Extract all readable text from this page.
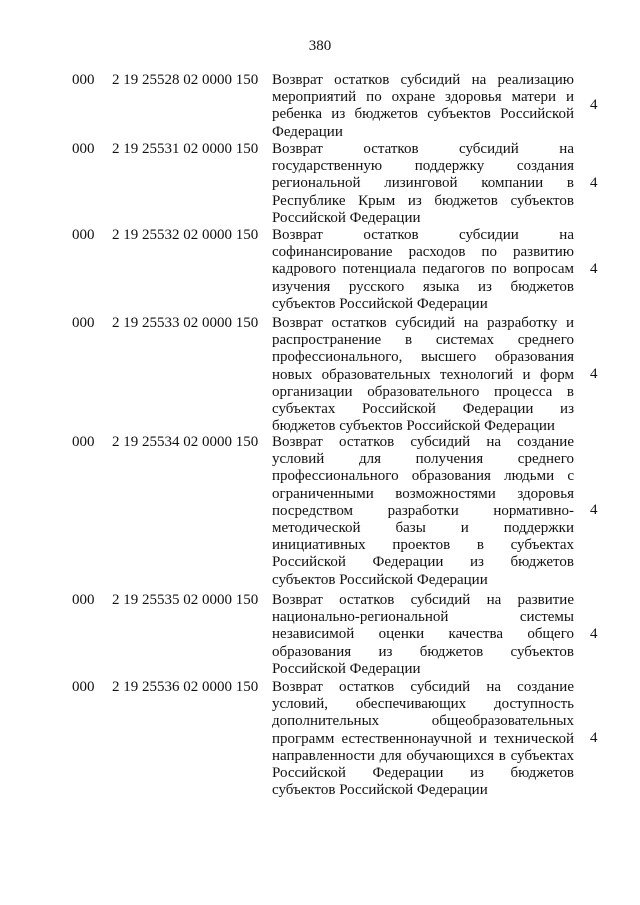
380
000 2 19 25528 02 0000 150 Возврат остатков субсидий на реализацию
мероприятий по охране здоровья матери и
ребенка из бюджетов субъектов Российской
Федерации
4
000 2 19 25531 02 0000 150 Возврат остатков субсидий на
государственную поддержку создания
региональной лизинговой компании в
Республике Крым из бюджетов субъектов
Российской Федерации
4
000 2 19 25532 02 0000 150 Возврат остатков субсидии на
софинансирование расходов по развитию
кадрового потенциала педагогов по вопросам
изучения русского языка из бюджетов
субъектов Российской Федерации
4
000 2 19 25533 02 0000 150 Возврат остатков субсидий на разработку и
распространение в системах среднего
профессионального, высшего образования
новых образовательных технологий и форм
организации образовательного процесса в
субъектах Российской Федерации из
бюджетов субъектов Российской Федерации
4
000 2 19 25534 02 0000 150 Возврат остатков субсидий на создание
условий для получения среднего
профессионального образования людьми с
ограниченными возможностями здоровья
посредством разработки нормативно-
методической базы и поддержки
инициативных проектов в субъектах
Российской Федерации из бюджетов
субъектов Российской Федерации
4
000 2 19 25535 02 0000 150 Возврат остатков субсидий на развитие
национально-региональной системы
независимой оценки качества общего
образования из бюджетов субъектов
Российской Федерации
4
000 2 19 25536 02 0000 150 Возврат остатков субсидий на создание
условий, обеспечивающих доступность
дополнительных общеобразовательных
программ естественнонаучной и технической
направленности для обучающихся в субъектах
Российской Федерации из бюджетов
субъектов Российской Федерации
4
